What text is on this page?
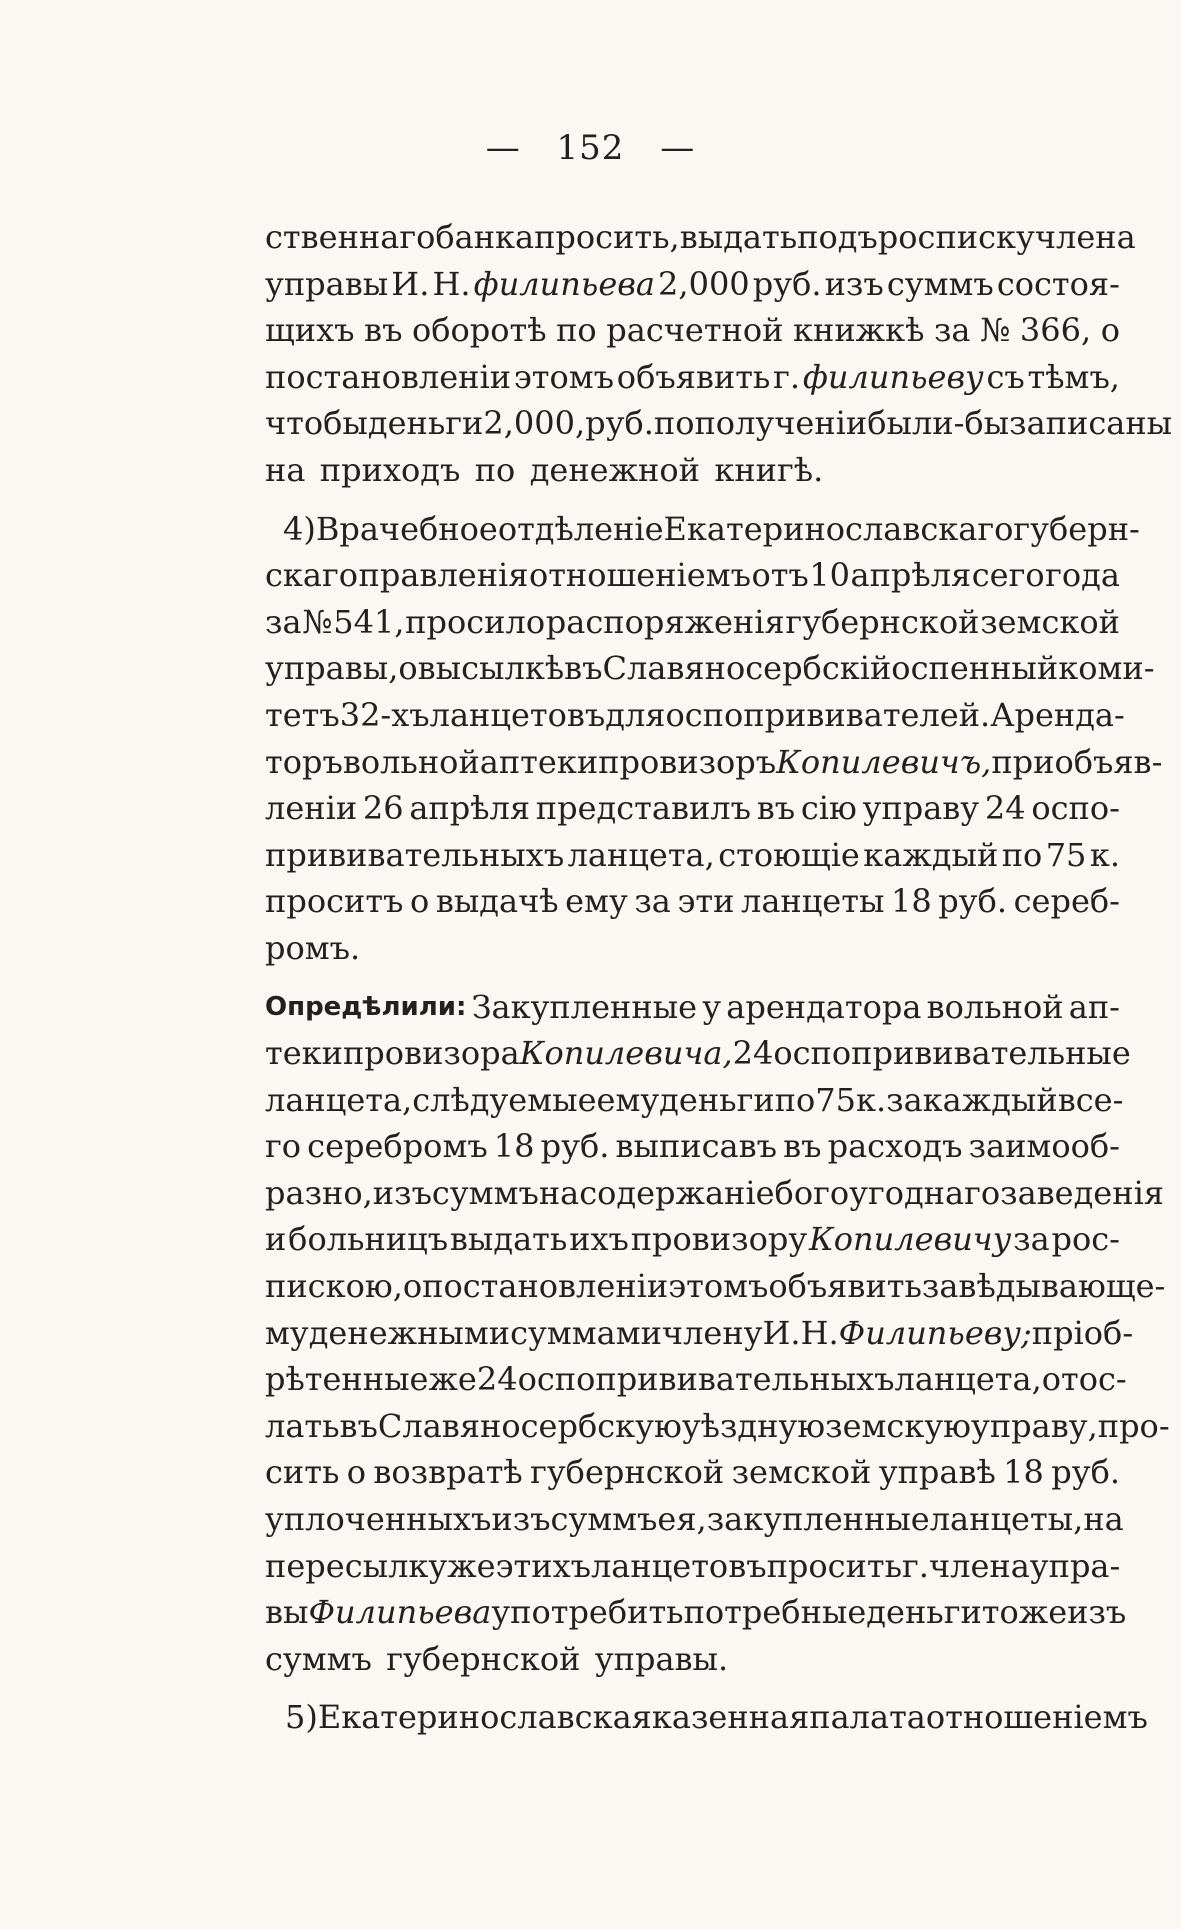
— 152 —
ственнаго банка просить, выдать подъ росписку члена
управы И. Н. филипьева 2,000 руб. изъ суммъ состоя-
щихъ въ оборотѣ по расчетной книжкѣ за № 366, о
постановленіи этомъ объявить г. филипьеву съ тѣмъ,
чтобы деньги 2,000, руб. по полученіи были-бы записаны
на приходъ по денежной книгѣ.
4) Врачебное отдѣленіе Екатеринославскаго губерн-
скаго правленія отношеніемъ отъ 10 апрѣля сего года
за № 541, просило распоряженія губернской земской
управы, о высылкѣ въ Славяносербскій оспенный коми-
тетъ 32-хъ ланцетовъ для оспопрививателей. Аренда-
торъ вольной аптеки провизоръ Копилевичъ, при объяв-
леніи 26 апрѣля представилъ въ сію управу 24 оспо-
прививательныхъ ланцета, стоющіе каждый по 75 к.
проситъ о выдачѣ ему за эти ланцеты 18 руб. сереб-
ромъ.
Опредѣлили: Закупленные у арендатора вольной ап-
теки провизора Копилевича, 24 оспопрививательные
ланцета, слѣдуемые ему деньги по 75 к. закаждый все-
го серебромъ 18 руб. выписавъ въ расходъ заимооб-
разно, изъ суммъ на содержаніе богоугоднаго заведенія
и больницъ выдать ихъ провизору Копилевичу за рос-
пискою, о постановленіи этомъ объявить завѣдывающе-
му денежными суммами члену И. Н. Филипьеву; пріоб-
рѣтенные же 24 оспопрививательныхъ ланцета, отос-
лать въ Славяносербскую уѣздную земскую управу, про-
сить о возвратѣ губернской земской управѣ 18 руб.
уплоченныхъ изъ суммъ ея, за купленные ланцеты, на
пересылку же этихъ ланцетовъ просить г. члена упра-
вы Филипьева употребить потребные деньги тоже изъ
суммъ губернской управы.
5) Екатеринославская казенная палата отношеніемъ
